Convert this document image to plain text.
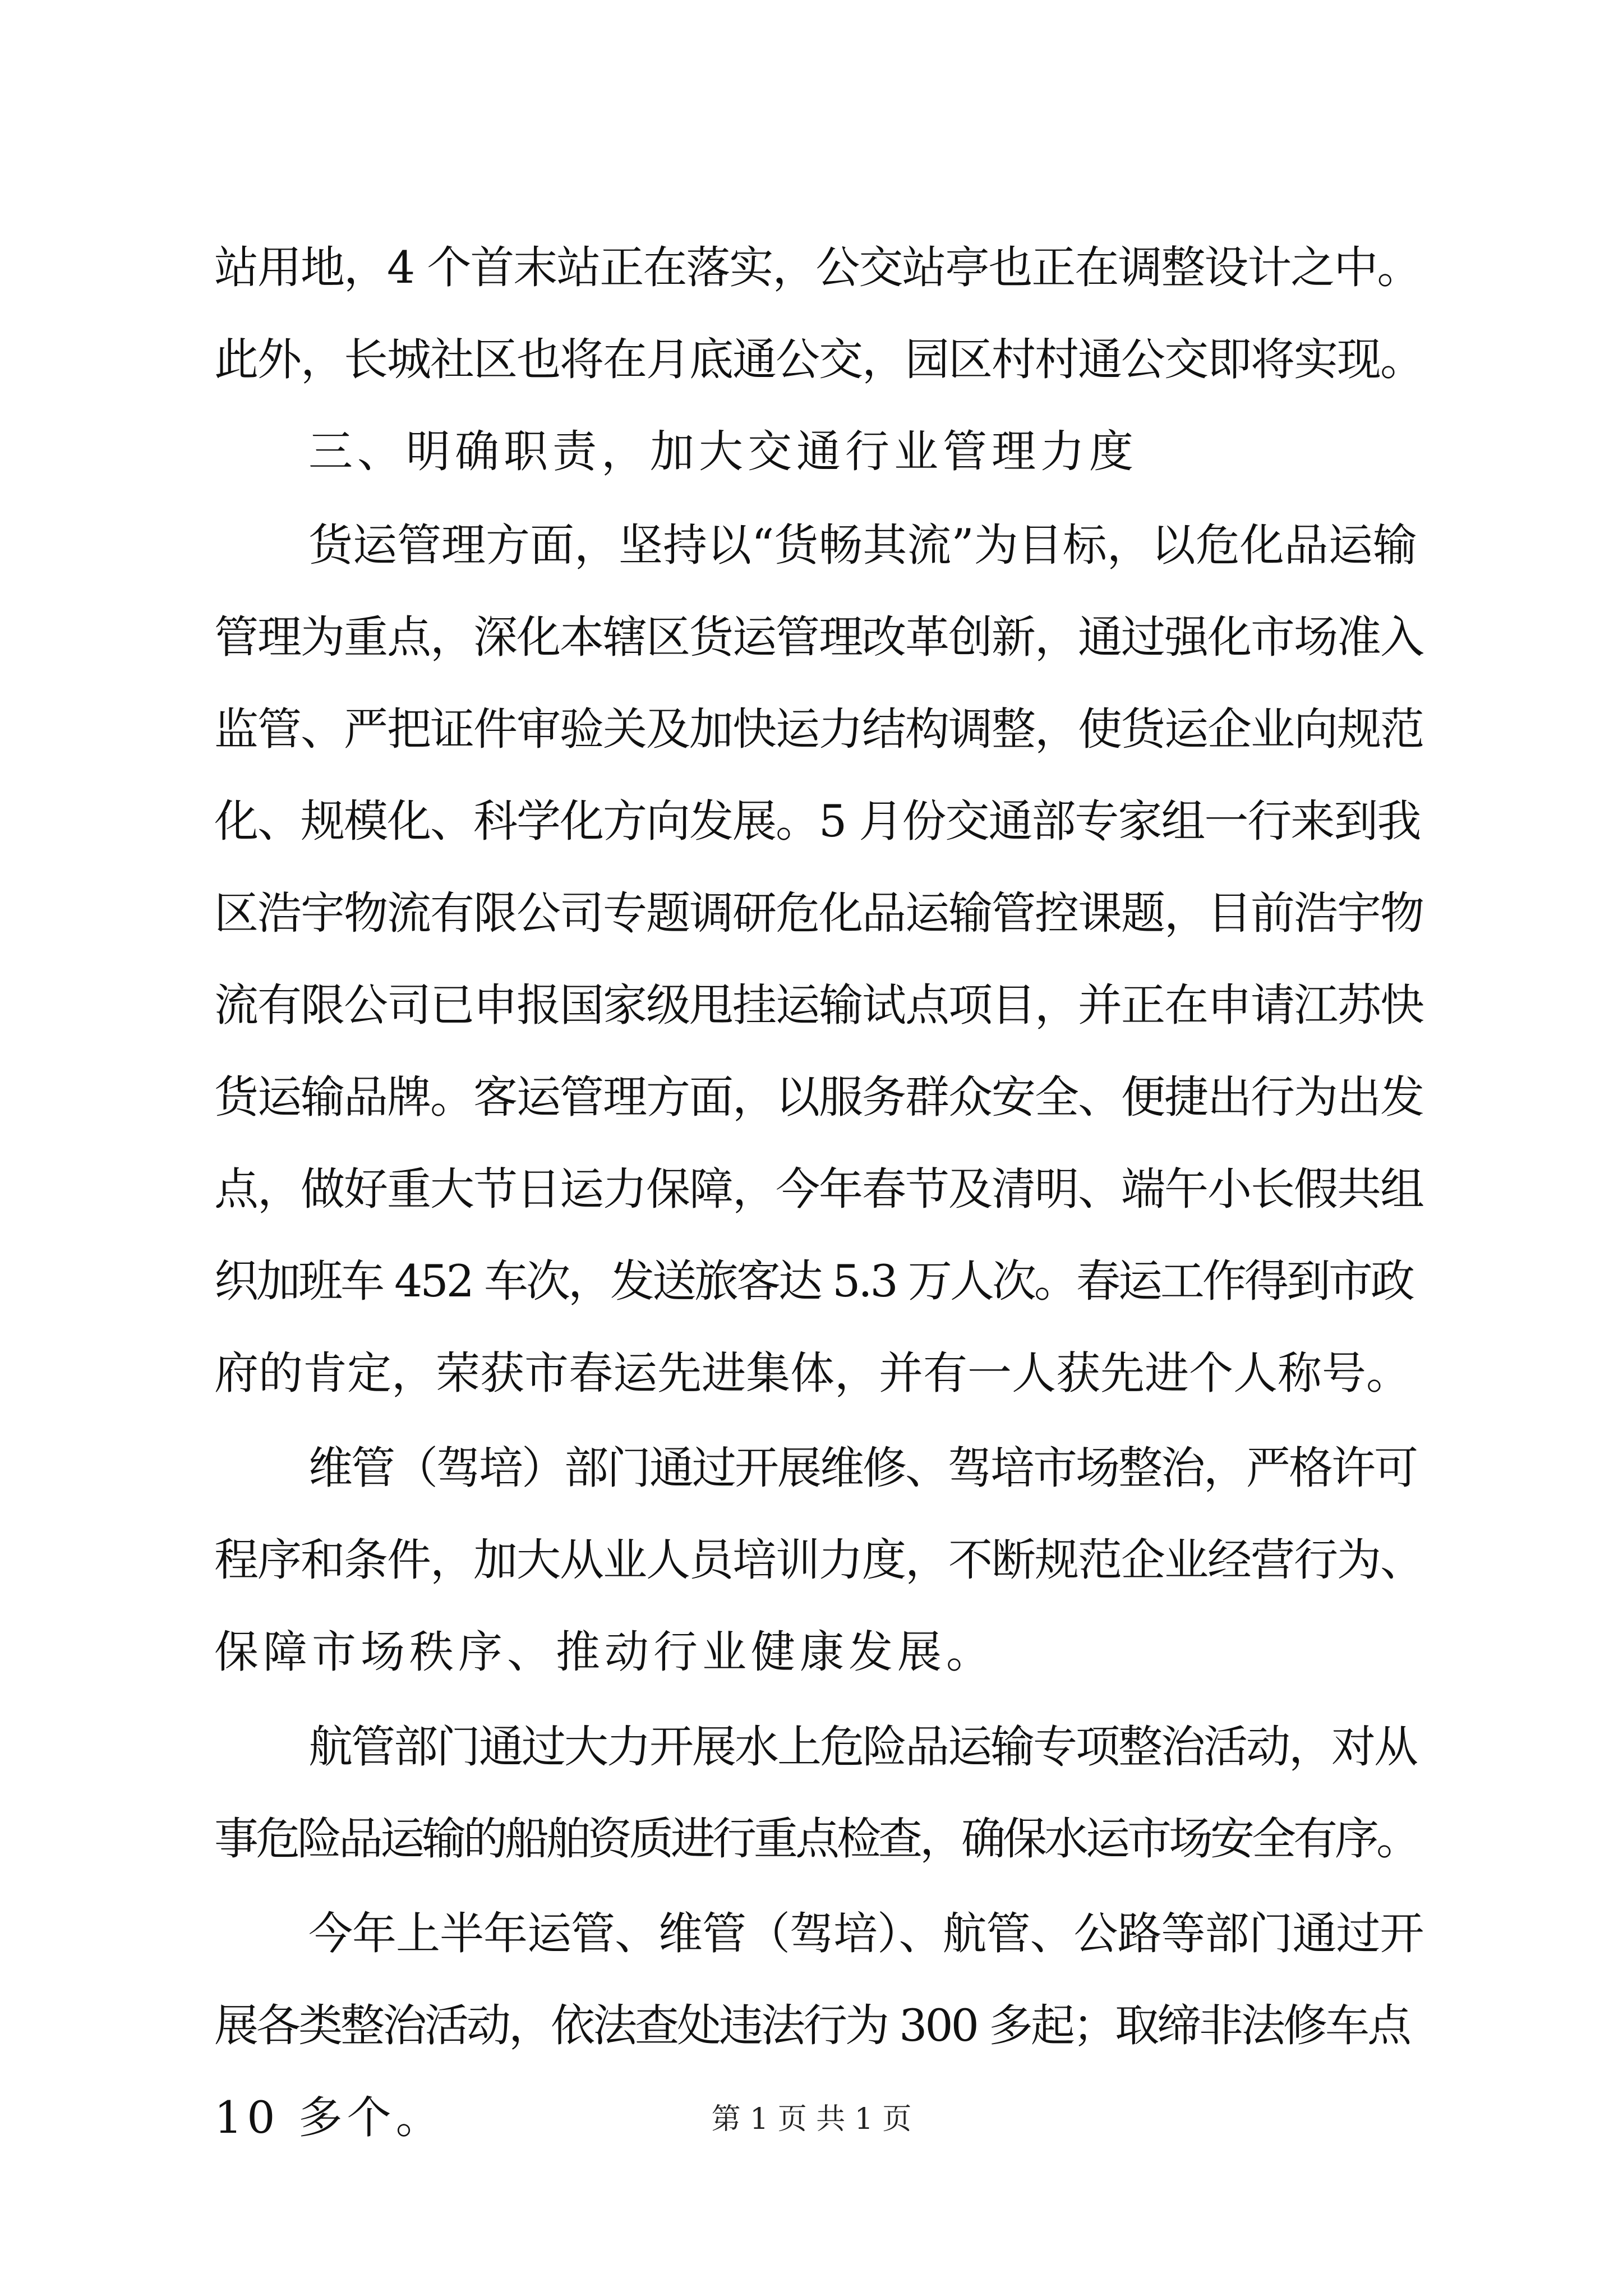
站用地，4 个首末站正在落实，公交站亭也正在调整设计之中。
此外，长城社区也将在月底通公交，园区村村通公交即将实现。
三、明确职责，加大交通行业管理力度
货运管理方面，坚持以“货畅其流”为目标，以危化品运输
管理为重点，深化本辖区货运管理改革创新，通过强化市场准入
监管、严把证件审验关及加快运力结构调整，使货运企业向规范
化、规模化、科学化方向发展。5 月份交通部专家组一行来到我
区浩宇物流有限公司专题调研危化品运输管控课题，目前浩宇物
流有限公司已申报国家级甩挂运输试点项目，并正在申请江苏快
货运输品牌。客运管理方面，以服务群众安全、便捷出行为出发
点，做好重大节日运力保障，今年春节及清明、端午小长假共组
织加班车 452 车次，发送旅客达 5.3 万人次。春运工作得到市政
府的肯定，荣获市春运先进集体，并有一人获先进个人称号。
维管（驾培）部门通过开展维修、驾培市场整治，严格许可
程序和条件，加大从业人员培训力度，不断规范企业经营行为、
保障市场秩序、推动行业健康发展。
航管部门通过大力开展水上危险品运输专项整治活动，对从
事危险品运输的船舶资质进行重点检查，确保水运市场安全有序。
今年上半年运管、维管（驾培）、航管、公路等部门通过开
展各类整治活动，依法查处违法行为 300 多起；取缔非法修车点
10 多个。	第 1 页 共 1 页
